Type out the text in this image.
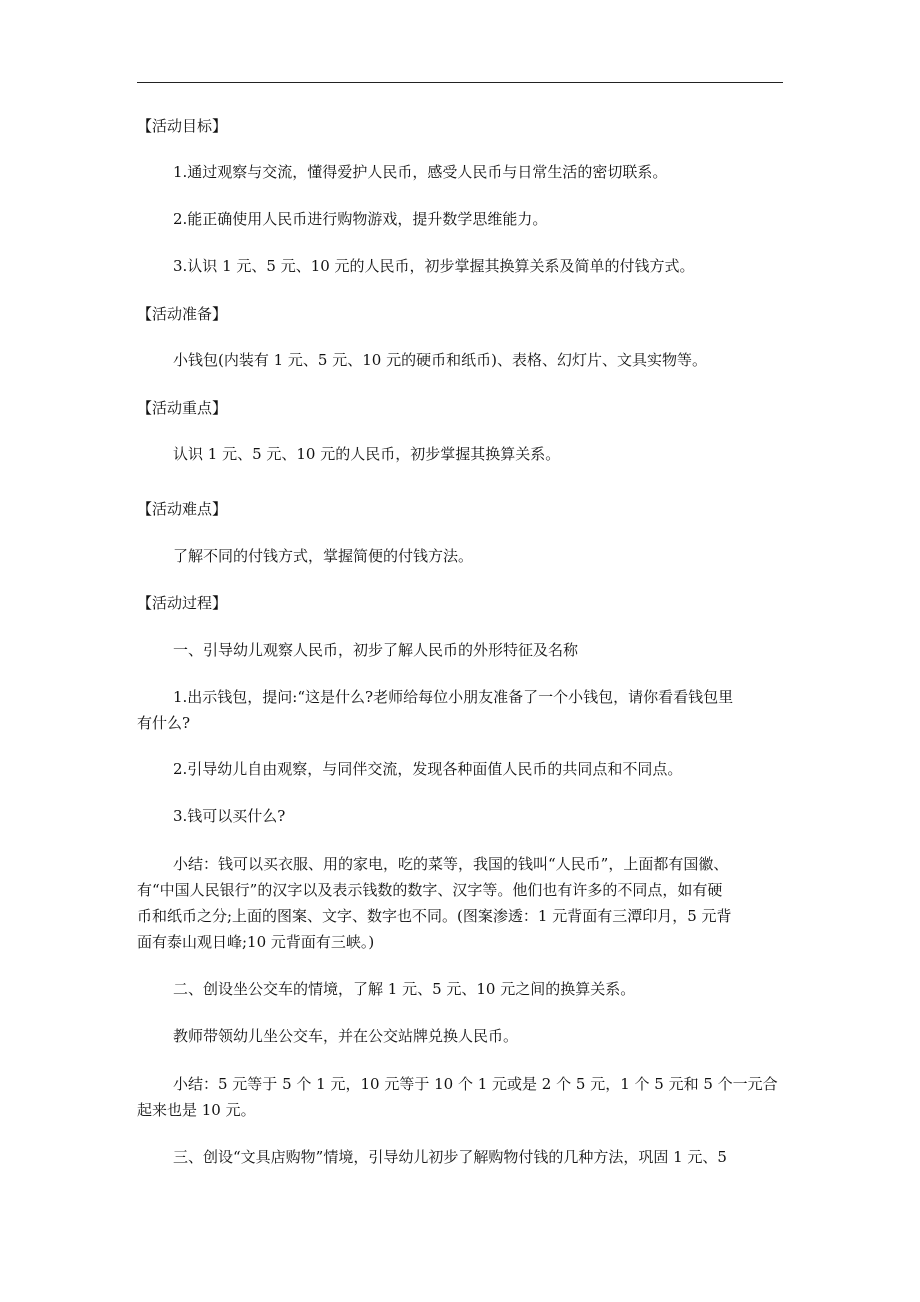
【活动目标】
1.通过观察与交流，懂得爱护人民币，感受人民币与日常生活的密切联系。
2.能正确使用人民币进行购物游戏，提升数学思维能力。
3.认识 1 元、5 元、10 元的人民币，初步掌握其换算关系及简单的付钱方式。
【活动准备】
小钱包(内装有 1 元、5 元、10 元的硬币和纸币)、表格、幻灯片、文具实物等。
【活动重点】
认识 1 元、5 元、10 元的人民币，初步掌握其换算关系。
【活动难点】
了解不同的付钱方式，掌握简便的付钱方法。
【活动过程】
一、引导幼儿观察人民币，初步了解人民币的外形特征及名称
1.出示钱包，提问:“这是什么?老师给每位小朋友准备了一个小钱包，请你看看钱包里
有什么?
2.引导幼儿自由观察，与同伴交流，发现各种面值人民币的共同点和不同点。
3.钱可以买什么?
小结：钱可以买衣服、用的家电，吃的菜等，我国的钱叫“人民币”，上面都有国徽、
有“中国人民银行”的汉字以及表示钱数的数字、汉字等。他们也有许多的不同点，如有硬
币和纸币之分;上面的图案、文字、数字也不同。(图案渗透：1 元背面有三潭印月，5 元背
面有泰山观日峰;10 元背面有三峡。)
二、创设坐公交车的情境，了解 1 元、5 元、10 元之间的换算关系。
教师带领幼儿坐公交车，并在公交站牌兑换人民币。
小结：5 元等于 5 个 1 元，10 元等于 10 个 1 元或是 2 个 5 元，1 个 5 元和 5 个一元合
起来也是 10 元。
三、创设“文具店购物”情境，引导幼儿初步了解购物付钱的几种方法，巩固 1 元、5
